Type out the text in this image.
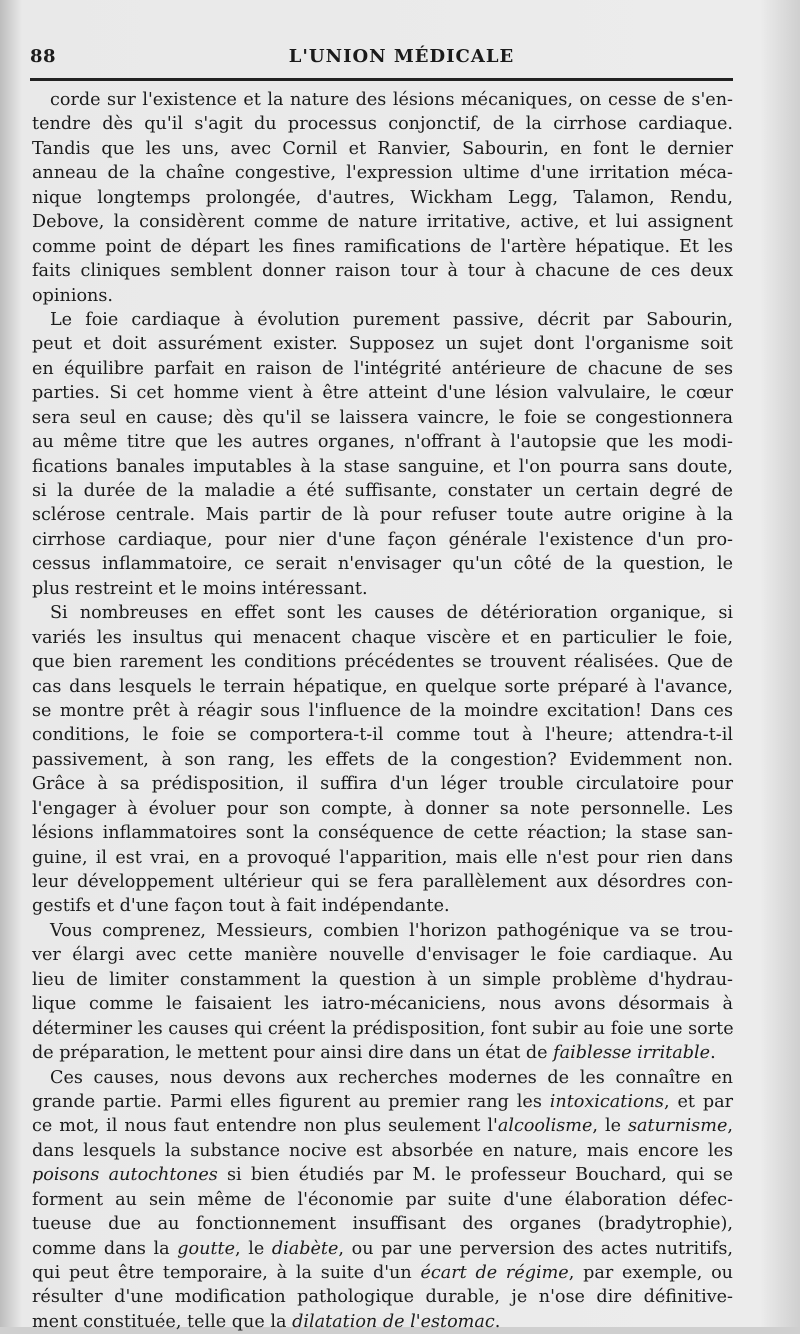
88	L'UNION MÉDICALE
corde sur l'existence et la nature des lésions mécaniques, on cesse de s'en-
tendre dès qu'il s'agit du processus conjonctif, de la cirrhose cardiaque.
Tandis que les uns, avec Cornil et Ranvier, Sabourin, en font le dernier
anneau de la chaîne congestive, l'expression ultime d'une irritation méca-
nique longtemps prolongée, d'autres, Wickham Legg, Talamon, Rendu,
Debove, la considèrent comme de nature irritative, active, et lui assignent
comme point de départ les fines ramifications de l'artère hépatique. Et les
faits cliniques semblent donner raison tour à tour à chacune de ces deux
opinions.
Le foie cardiaque à évolution purement passive, décrit par Sabourin,
peut et doit assurément exister. Supposez un sujet dont l'organisme soit
en équilibre parfait en raison de l'intégrité antérieure de chacune de ses
parties. Si cet homme vient à être atteint d'une lésion valvulaire, le cœur
sera seul en cause; dès qu'il se laissera vaincre, le foie se congestionnera
au même titre que les autres organes, n'offrant à l'autopsie que les modi-
fications banales imputables à la stase sanguine, et l'on pourra sans doute,
si la durée de la maladie a été suffisante, constater un certain degré de
sclérose centrale. Mais partir de là pour refuser toute autre origine à la
cirrhose cardiaque, pour nier d'une façon générale l'existence d'un pro-
cessus inflammatoire, ce serait n'envisager qu'un côté de la question, le
plus restreint et le moins intéressant.
Si nombreuses en effet sont les causes de détérioration organique, si
variés les insultus qui menacent chaque viscère et en particulier le foie,
que bien rarement les conditions précédentes se trouvent réalisées. Que de
cas dans lesquels le terrain hépatique, en quelque sorte préparé à l'avance,
se montre prêt à réagir sous l'influence de la moindre excitation! Dans ces
conditions, le foie se comportera-t-il comme tout à l'heure; attendra-t-il
passivement, à son rang, les effets de la congestion? Evidemment non.
Grâce à sa prédisposition, il suffira d'un léger trouble circulatoire pour
l'engager à évoluer pour son compte, à donner sa note personnelle. Les
lésions inflammatoires sont la conséquence de cette réaction; la stase san-
guine, il est vrai, en a provoqué l'apparition, mais elle n'est pour rien dans
leur développement ultérieur qui se fera parallèlement aux désordres con-
gestifs et d'une façon tout à fait indépendante.
Vous comprenez, Messieurs, combien l'horizon pathogénique va se trou-
ver élargi avec cette manière nouvelle d'envisager le foie cardiaque. Au
lieu de limiter constamment la question à un simple problème d'hydrau-
lique comme le faisaient les iatro-mécaniciens, nous avons désormais à
déterminer les causes qui créent la prédisposition, font subir au foie une sorte
de préparation, le mettent pour ainsi dire dans un état de faiblesse irritable.
Ces causes, nous devons aux recherches modernes de les connaître en
grande partie. Parmi elles figurent au premier rang les intoxications, et par
ce mot, il nous faut entendre non plus seulement l'alcoolisme, le saturnisme,
dans lesquels la substance nocive est absorbée en nature, mais encore les
poisons autochtones si bien étudiés par M. le professeur Bouchard, qui se
forment au sein même de l'économie par suite d'une élaboration défec-
tueuse due au fonctionnement insuffisant des organes (bradytrophie),
comme dans la goutte, le diabète, ou par une perversion des actes nutritifs,
qui peut être temporaire, à la suite d'un écart de régime, par exemple, ou
résulter d'une modification pathologique durable, je n'ose dire définitive-
ment constituée, telle que la dilatation de l'estomac.
